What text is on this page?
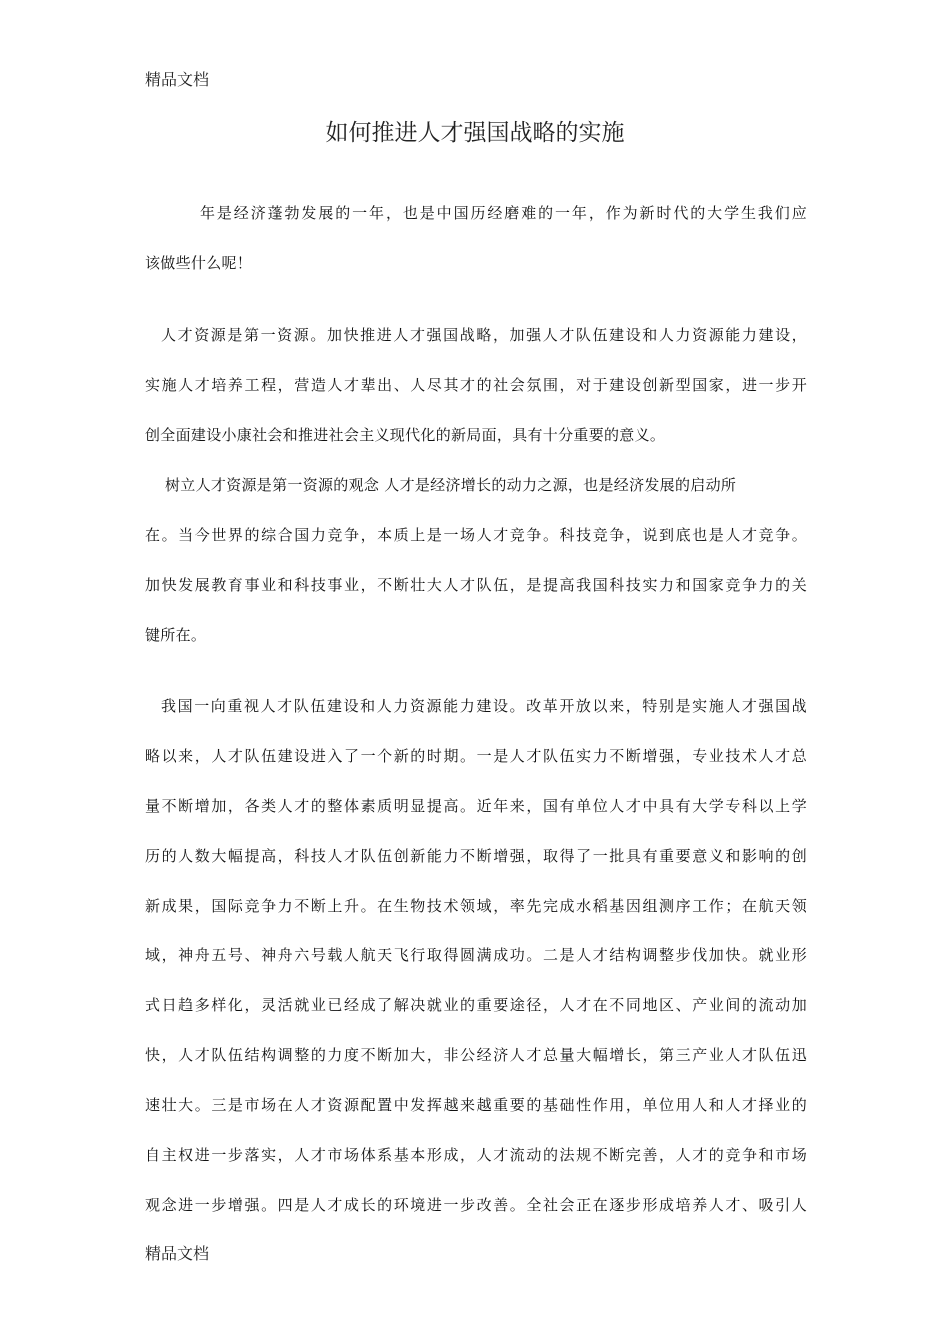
精品文档
如何推进人才强国战略的实施
年是经济蓬勃发展的一年，也是中国历经磨难的一年，作为新时代的大学生我们应
该做些什么呢！
人才资源是第一资源。加快推进人才强国战略，加强人才队伍建设和人力资源能力建设，
实施人才培养工程，营造人才辈出、人尽其才的社会氛围，对于建设创新型国家，进一步开
创全面建设小康社会和推进社会主义现代化的新局面，具有十分重要的意义。
树立人才资源是第一资源的观念 人才是经济增长的动力之源，也是经济发展的启动所
在。当今世界的综合国力竞争，本质上是一场人才竞争。科技竞争，说到底也是人才竞争。
加快发展教育事业和科技事业，不断壮大人才队伍，是提高我国科技实力和国家竞争力的关
键所在。
我国一向重视人才队伍建设和人力资源能力建设。改革开放以来，特别是实施人才强国战
略以来，人才队伍建设进入了一个新的时期。一是人才队伍实力不断增强，专业技术人才总
量不断增加，各类人才的整体素质明显提高。近年来，国有单位人才中具有大学专科以上学
历的人数大幅提高，科技人才队伍创新能力不断增强，取得了一批具有重要意义和影响的创
新成果，国际竞争力不断上升。在生物技术领域，率先完成水稻基因组测序工作；在航天领
域，神舟五号、神舟六号载人航天飞行取得圆满成功。二是人才结构调整步伐加快。就业形
式日趋多样化，灵活就业已经成了解决就业的重要途径，人才在不同地区、产业间的流动加
快，人才队伍结构调整的力度不断加大，非公经济人才总量大幅增长，第三产业人才队伍迅
速壮大。三是市场在人才资源配置中发挥越来越重要的基础性作用，单位用人和人才择业的
自主权进一步落实，人才市场体系基本形成，人才流动的法规不断完善，人才的竞争和市场
观念进一步增强。四是人才成长的环境进一步改善。全社会正在逐步形成培养人才、吸引人
精品文档
